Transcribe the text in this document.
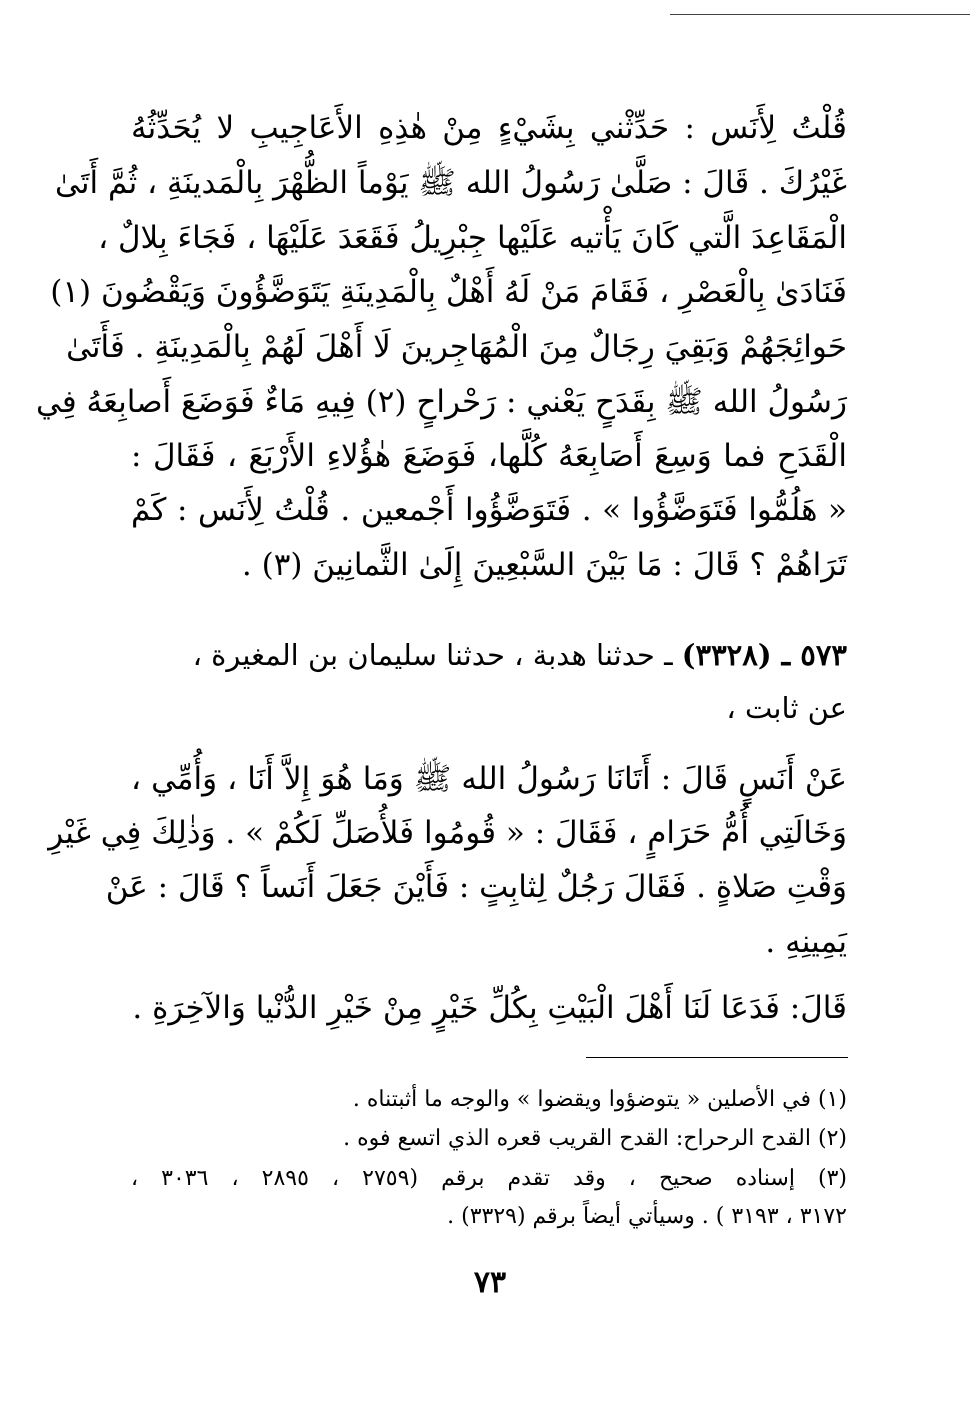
قُلْتُ لِأَنَس : حَدِّثْني بِشَيْءٍ مِنْ هٰذِهِ الأَعَاجِيبِ لا يُحَدِّثُهُ
غَيْرُكَ . قَالَ : صَلَّىٰ رَسُولُ الله ﷺ يَوْماً الظُّهْرَ بِالْمَدينَةِ ، ثُمَّ أَتَىٰ
الْمَقَاعِدَ الَّتي كَانَ يَأْتيه عَلَيْها جِبْرِيلُ فَقَعَدَ عَلَيْهَا ، فَجَاءَ بِلالٌ ،
فَنَادَىٰ بِالْعَصْرِ ، فَقَامَ مَنْ لَهُ أَهْلٌ بِالْمَدِينَةِ يَتَوَضَّؤُونَ وَيَقْضُونَ (١)
حَوائِجَهُمْ وَبَقِيَ رِجَالٌ مِنَ الْمُهَاجِرينَ لَا أَهْلَ لَهُمْ بِالْمَدِينَةِ . فَأَتَىٰ
رَسُولُ الله ﷺ بِقَدَحٍ يَعْني : رَحْراحٍ (٢) فِيهِ مَاءٌ فَوَضَعَ أَصابِعَهُ فِي
الْقَدَحِ فما وَسِعَ أَصَابِعَهُ كُلَّها، فَوَضَعَ هٰؤُلاءِ الأَرْبَعَ ، فَقَالَ :
« هَلُمُّوا فَتَوَضَّؤُوا » . فَتَوَضَّؤُوا أَجْمعين . قُلْتُ لِأَنَس : كَمْ
تَرَاهُمْ ؟ قَالَ : مَا بَيْنَ السَّبْعِينَ إِلَىٰ الثَّمانِينَ (٣) .
٥٧٣ ـ (٣٣٢٨) ـ حدثنا هدبة ، حدثنا سليمان بن المغيرة ،
عن ثابت ،
عَنْ أَنَسٍ قَالَ : أَتَانَا رَسُولُ الله ﷺ وَمَا هُوَ إِلاَّ أَنَا ، وَأُمِّي ،
وَخَالَتِي أُمُّ حَرَامٍ ، فَقَالَ : « قُومُوا فَلأُصَلِّ لَكُمْ » . وَذٰلِكَ فِي غَيْرِ
وَقْتِ صَلاةٍ . فَقَالَ رَجُلٌ لِثابِتٍ : فَأَيْنَ جَعَلَ أَنَساً ؟ قَالَ : عَنْ
يَمِينِهِ .
قَالَ: فَدَعَا لَنَا أَهْلَ الْبَيْتِ بِكُلِّ خَيْرٍ مِنْ خَيْرِ الدُّنْيا وَالآخِرَةِ .
(١) في الأصلين « يتوضؤوا ويقضوا » والوجه ما أثبتناه .
(٢) القدح الرحراح: القدح القريب قعره الذي اتسع فوه .
(٣) إسناده صحيح ، وقد تقدم برقم (٢٧٥٩ ، ٢٨٩٥ ، ٣٠٣٦ ،
٣١٧٢ ، ٣١٩٣ ) . وسيأتي أيضاً برقم (٣٣٢٩) .
٧٣
